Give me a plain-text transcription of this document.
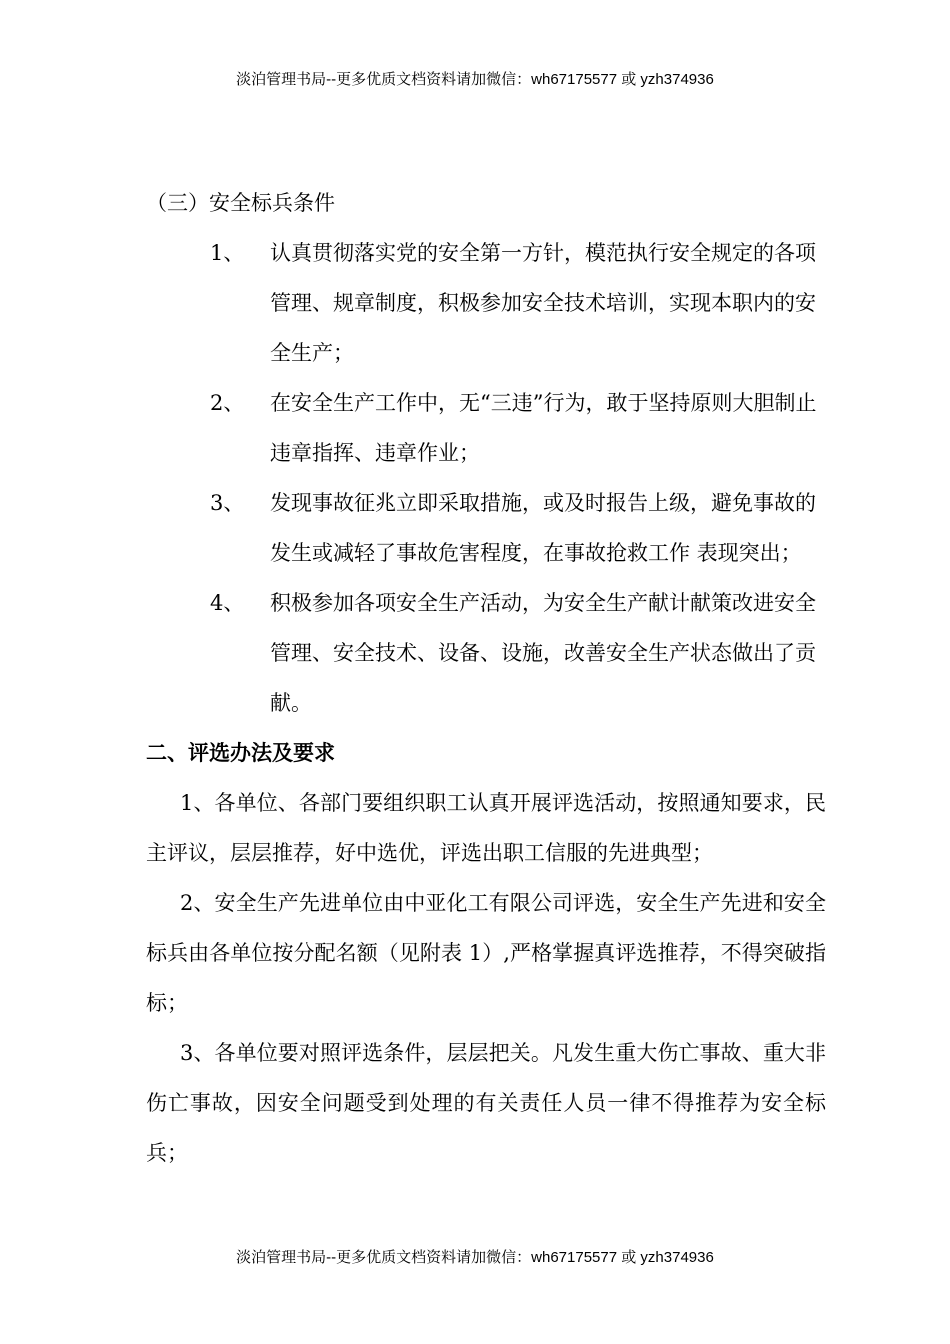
淡泊管理书局--更多优质文档资料请加微信：wh67175577 或 yzh374936

（三）安全标兵条件

1、	认真贯彻落实党的安全第一方针，模范执行安全规定的各项管理、规章制度，积极参加安全技术培训，实现本职内的安全生产；
2、	在安全生产工作中，无“三违”行为，敢于坚持原则大胆制止违章指挥、违章作业；
3、	发现事故征兆立即采取措施，或及时报告上级，避免事故的发生或减轻了事故危害程度，在事故抢救工作 表现突出；
4、	积极参加各项安全生产活动，为安全生产献计献策改进安全管理、安全技术、设备、设施，改善安全生产状态做出了贡献。

二、评选办法及要求

1、各单位、各部门要组织职工认真开展评选活动，按照通知要求，民主评议，层层推荐，好中选优，评选出职工信服的先进典型；

2、安全生产先进单位由中亚化工有限公司评选，安全生产先进和安全标兵由各单位按分配名额（见附表 1）,严格掌握真评选推荐，不得突破指标；

3、各单位要对照评选条件，层层把关。凡发生重大伤亡事故、重大非伤亡事故，因安全问题受到处理的有关责任人员一律不得推荐为安全标兵；

淡泊管理书局--更多优质文档资料请加微信：wh67175577 或 yzh374936
